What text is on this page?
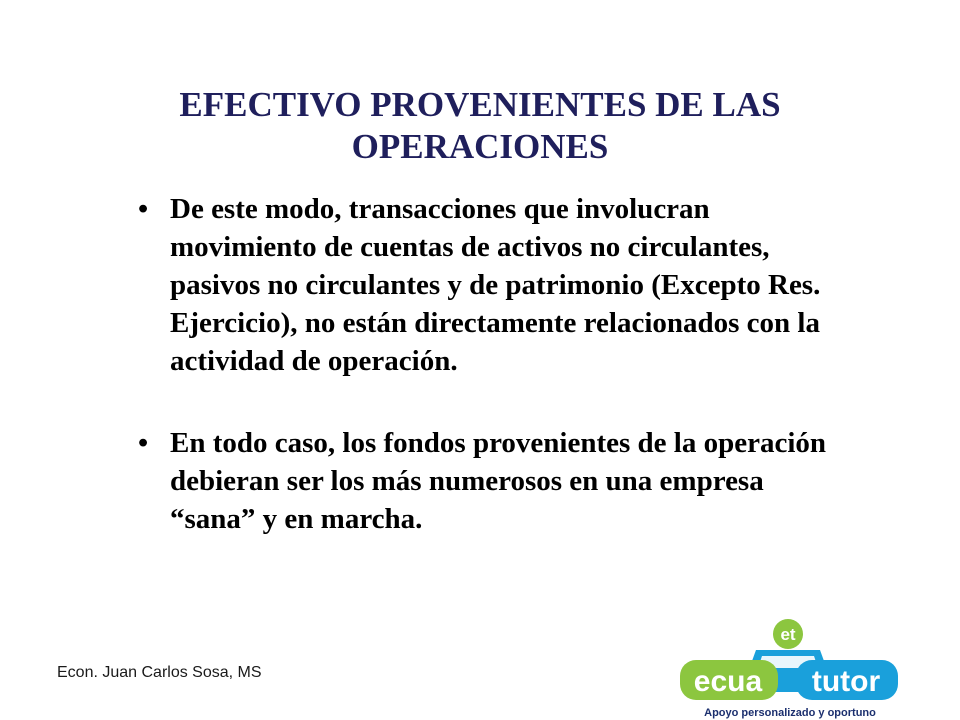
EFECTIVO PROVENIENTES DE LAS
OPERACIONES
• De este modo, transacciones que involucran movimiento de cuentas de activos no circulantes, pasivos no circulantes y de patrimonio (Excepto Res. Ejercicio), no están directamente relacionados con la actividad de operación.
• En todo caso, los fondos provenientes de la operación debieran ser los más numerosos en una empresa “sana” y en marcha.
Econ. Juan Carlos Sosa, MS
et
ecua tutor
Apoyo personalizado y oportuno
